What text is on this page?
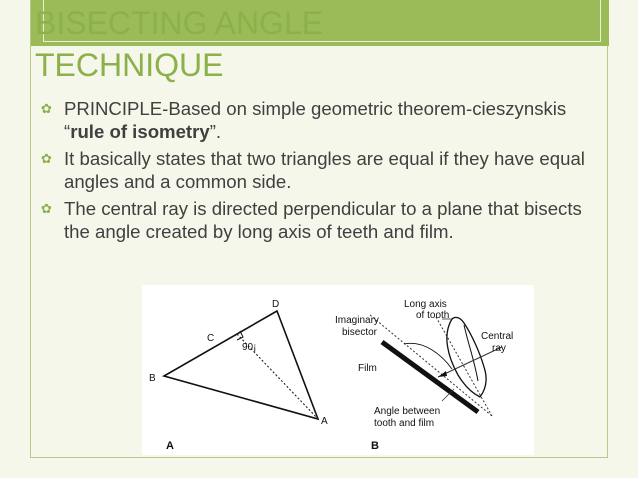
BISECTING ANGLE
TECHNIQUE
✿ PRINCIPLE-Based on simple geometric theorem-cieszynskis “rule of isometry”.
✿ It basically states that two triangles are equal if they have equal angles and a common side.
✿ The central ray is directed perpendicular to a plane that bisects the angle created by long axis of teeth and film.
D
C
90¡
B
A
A
Long axis
of tooth
Imaginary
bisector	Central
ray
Film
Angle between
tooth and film
B
